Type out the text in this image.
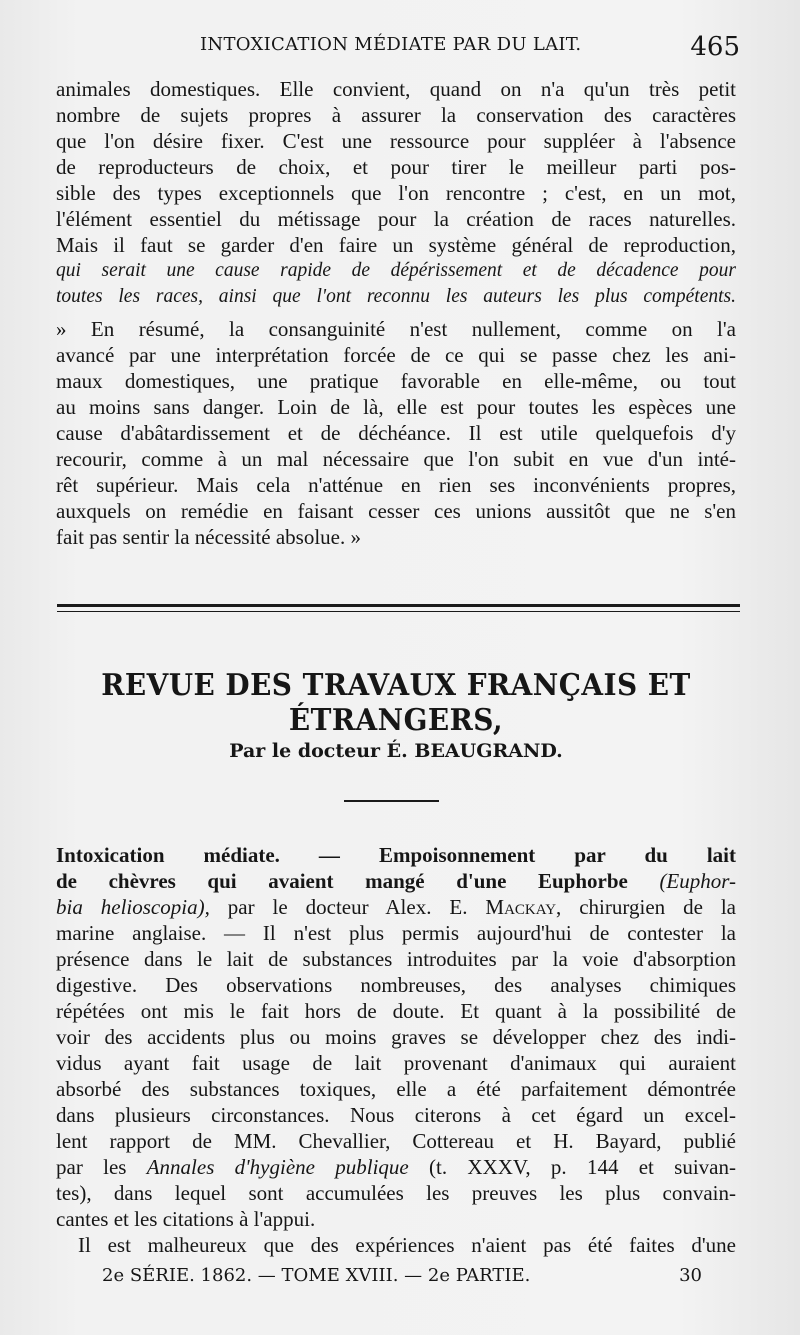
INTOXICATION MÉDIATE PAR DU LAIT.	465
animales domestiques. Elle convient, quand on n'a qu'un très petit
nombre de sujets propres à assurer la conservation des caractères
que l'on désire fixer. C'est une ressource pour suppléer à l'absence
de reproducteurs de choix, et pour tirer le meilleur parti pos-
sible des types exceptionnels que l'on rencontre ; c'est, en un mot,
l'élément essentiel du métissage pour la création de races naturelles.
Mais il faut se garder d'en faire un système général de reproduction,
qui serait une cause rapide de dépérissement et de décadence pour
toutes les races, ainsi que l'ont reconnu les auteurs les plus compétents.
» En résumé, la consanguinité n'est nullement, comme on l'a
avancé par une interprétation forcée de ce qui se passe chez les ani-
maux domestiques, une pratique favorable en elle-même, ou tout
au moins sans danger. Loin de là, elle est pour toutes les espèces une
cause d'abâtardissement et de déchéance. Il est utile quelquefois d'y
recourir, comme à un mal nécessaire que l'on subit en vue d'un inté-
rêt supérieur. Mais cela n'atténue en rien ses inconvénients propres,
auxquels on remédie en faisant cesser ces unions aussitôt que ne s'en
fait pas sentir la nécessité absolue. »
REVUE DES TRAVAUX FRANÇAIS ET ÉTRANGERS,
Par le docteur É. BEAUGRAND.
Intoxication médiate. — Empoisonnement par du lait
de chèvres qui avaient mangé d'une Euphorbe (Euphor-
bia helioscopia), par le docteur Alex. E. Mackay, chirurgien de la
marine anglaise. — Il n'est plus permis aujourd'hui de contester la
présence dans le lait de substances introduites par la voie d'absorption
digestive. Des observations nombreuses, des analyses chimiques
répétées ont mis le fait hors de doute. Et quant à la possibilité de
voir des accidents plus ou moins graves se développer chez des indi-
vidus ayant fait usage de lait provenant d'animaux qui auraient
absorbé des substances toxiques, elle a été parfaitement démontrée
dans plusieurs circonstances. Nous citerons à cet égard un excel-
lent rapport de MM. Chevallier, Cottereau et H. Bayard, publié
par les Annales d'hygiène publique (t. XXXV, p. 144 et suivan-
tes), dans lequel sont accumulées les preuves les plus convain-
cantes et les citations à l'appui.
Il est malheureux que des expériences n'aient pas été faites d'une
2e SÉRIE. 1862. — TOME XVIII. — 2e PARTIE.	30
